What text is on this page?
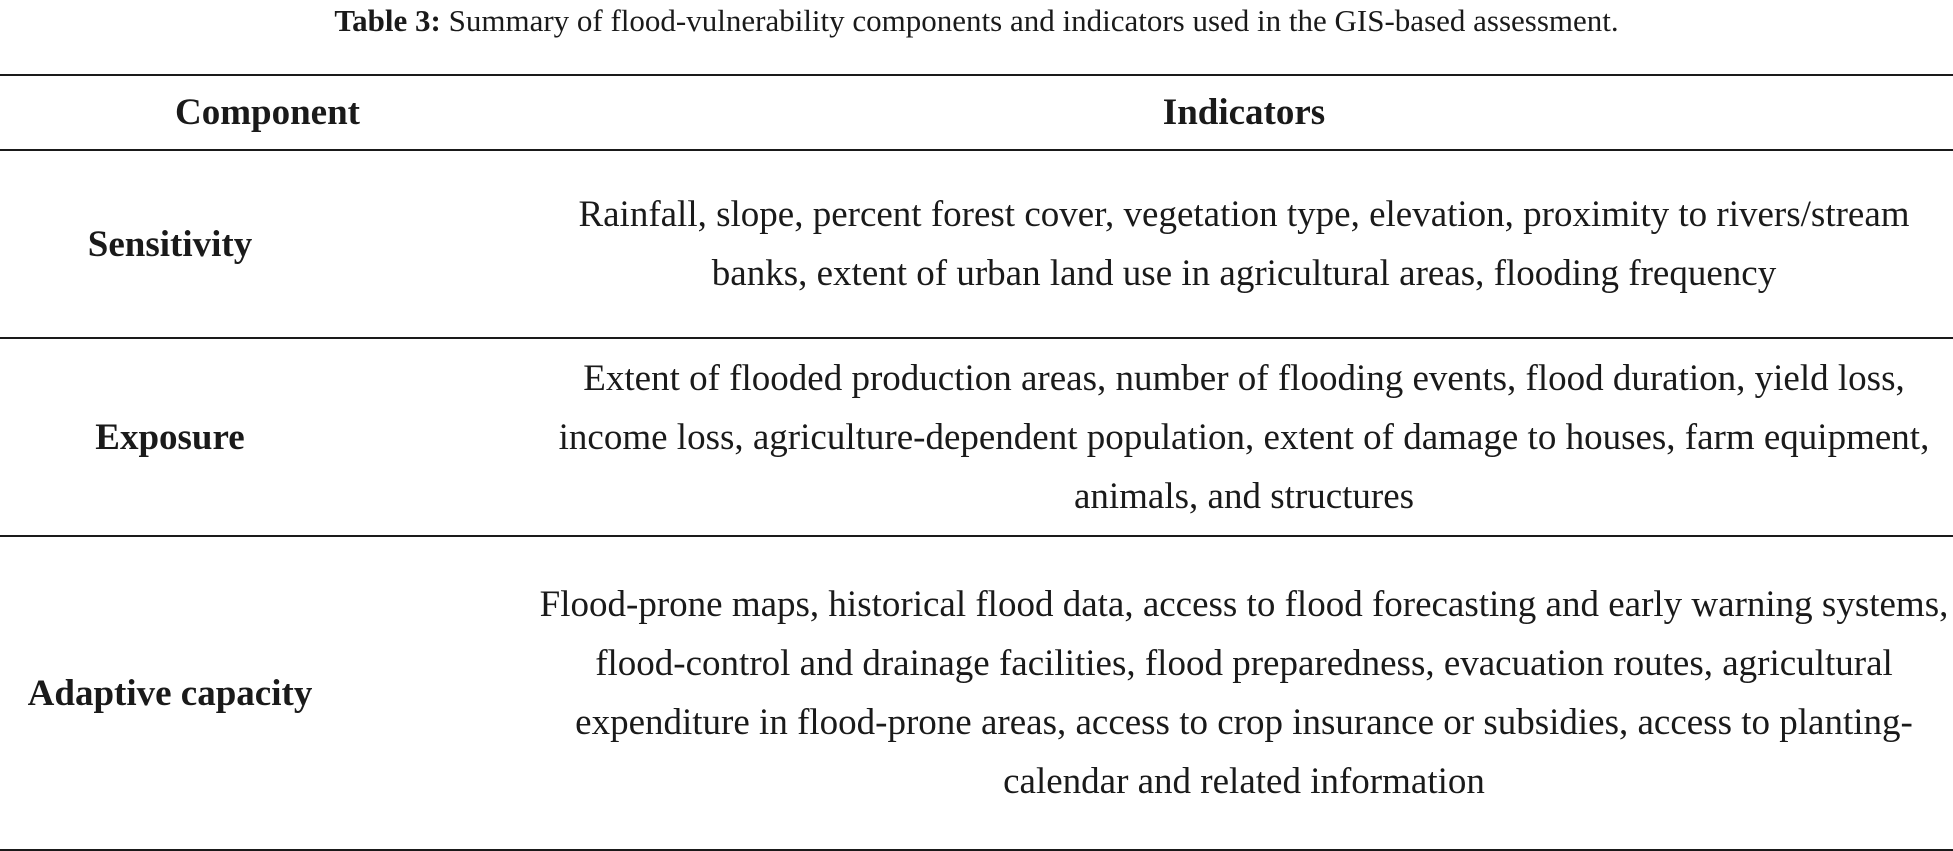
Table 3: Summary of flood-vulnerability components and indicators used in the GIS-based assessment.
Component	Indicators

Sensitivity	Rainfall, slope, percent forest cover, vegetation type, elevation, proximity to rivers/stream banks, extent of urban land use in agricultural areas, flooding frequency

Exposure	Extent of flooded production areas, number of flooding events, flood duration, yield loss, income loss, agriculture-dependent population, extent of damage to houses, farm equipment, animals, and structures

Adaptive capacity	Flood-prone maps, historical flood data, access to flood forecasting and early warning systems, flood-control and drainage facilities, flood preparedness, evacuation routes, agricultural expenditure in flood-prone areas, access to crop insurance or subsidies, access to planting-calendar and related information
